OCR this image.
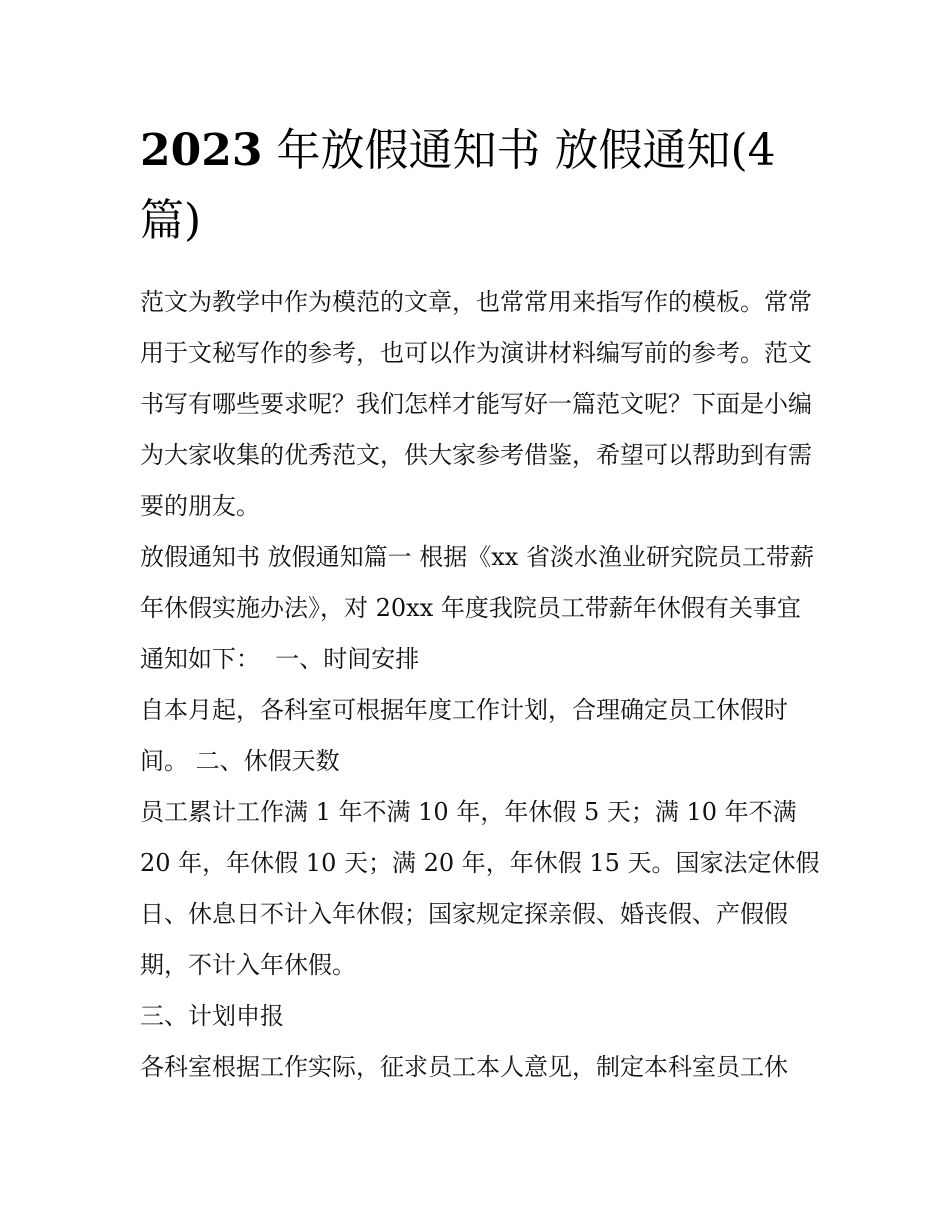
2023 年放假通知书 放假通知(4篇)

范文为教学中作为模范的文章，也常常用来指写作的模板。常常用于文秘写作的参考，也可以作为演讲材料编写前的参考。范文书写有哪些要求呢？我们怎样才能写好一篇范文呢？下面是小编为大家收集的优秀范文，供大家参考借鉴，希望可以帮助到有需要的朋友。

放假通知书 放假通知篇一 根据《xx 省淡水渔业研究院员工带薪年休假实施办法》，对 20xx 年度我院员工带薪年休假有关事宜通知如下：  一、时间安排

自本月起，各科室可根据年度工作计划，合理确定员工休假时间。 二、休假天数

员工累计工作满 1 年不满 10 年，年休假 5 天；满 10 年不满 20 年，年休假 10 天；满 20 年，年休假 15 天。国家法定休假日、休息日不计入年休假；国家规定探亲假、婚丧假、产假假期，不计入年休假。

三、计划申报

各科室根据工作实际，征求员工本人意见，制定本科室员工休
